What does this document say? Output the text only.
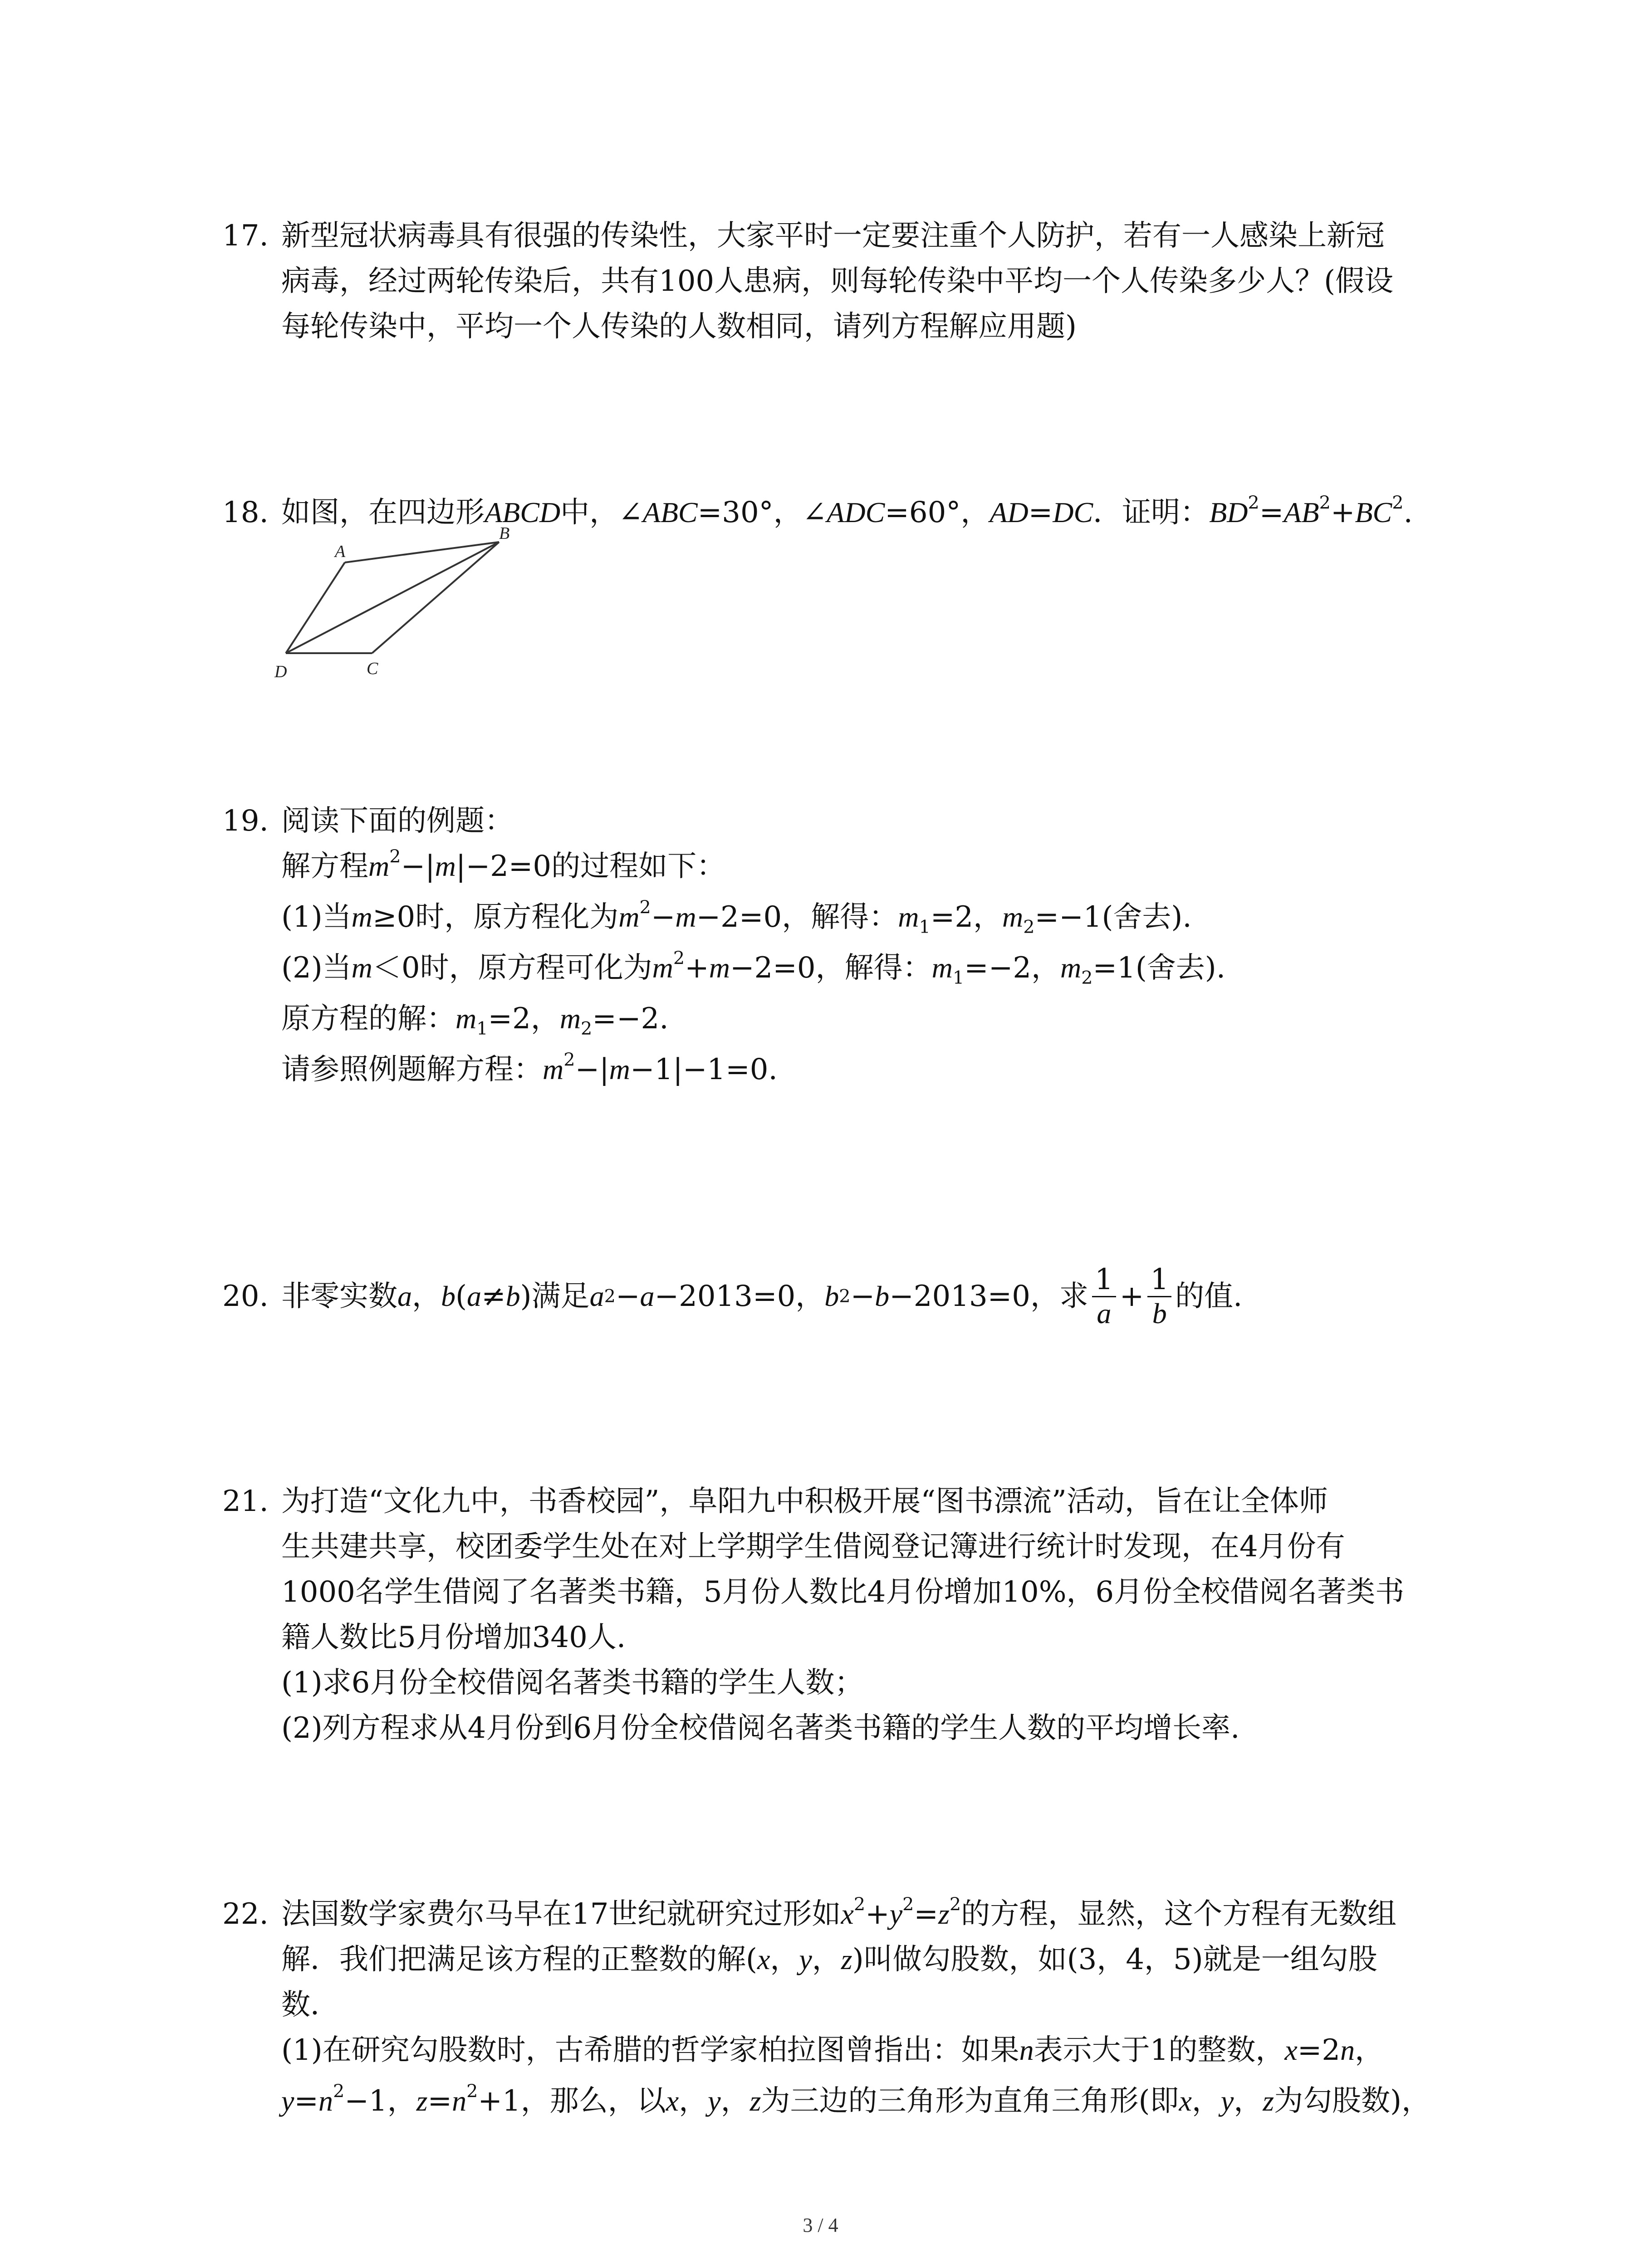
17. 新型冠状病毒具有很强的传染性，大家平时一定要注重个人防护，若有一人感染上新冠
病毒，经过两轮传染后，共有100人患病，则每轮传染中平均一个人传染多少人？(假设
每轮传染中，平均一个人传染的人数相同，请列方程解应用题)
18. 如图，在四边形ABCD中，∠ABC=30°，∠ADC=60°，AD=DC．证明：$BD^2=AB^2+BC^2$.
A
B
C
D
19. 阅读下面的例题：
解方程$m^2-|m|-2=0$的过程如下：
(1)当m≥0时，原方程化为$m^2-m-2=0$，解得：$m_1=2$，$m_2=-1$(舍去).
(2)当m＜0时，原方程可化为$m^2+m-2=0$，解得：$m_1=-2$，$m_2=1$(舍去).
原方程的解：$m_1=2$，$m_2=-2$.
请参照例题解方程：$m^2-|m-1|-1=0$.
20. 非零实数 a ， b ( a ≠ b )满足 a 2 − a −2013=0， b 2 − b −2013=0，求 $\frac{1}{a} + \frac{1}{b}$ 的值.
21. 为打造“文化九中，书香校园”，阜阳九中积极开展“图书漂流”活动，旨在让全体师
生共建共享，校团委学生处在对上学期学生借阅登记簿进行统计时发现，在4月份有
1000名学生借阅了名著类书籍，5月份人数比4月份增加10%，6月份全校借阅名著类书
籍人数比5月份增加340人.
(1)求6月份全校借阅名著类书籍的学生人数；
(2)列方程求从4月份到6月份全校借阅名著类书籍的学生人数的平均增长率.
22. 法国数学家费尔马早在17世纪就研究过形如$x^2+y^2=z^2$的方程，显然，这个方程有无数组
解．我们把满足该方程的正整数的解(x，y，z)叫做勾股数，如(3，4，5)就是一组勾股
数．
(1)在研究勾股数时，古希腊的哲学家柏拉图曾指出：如果n表示大于1的整数，x=2n，
$y=n^2-1$，$z=n^2+1$，那么，以x，y，z为三边的三角形为直角三角形(即x，y，z为勾股数)，
3 / 4
